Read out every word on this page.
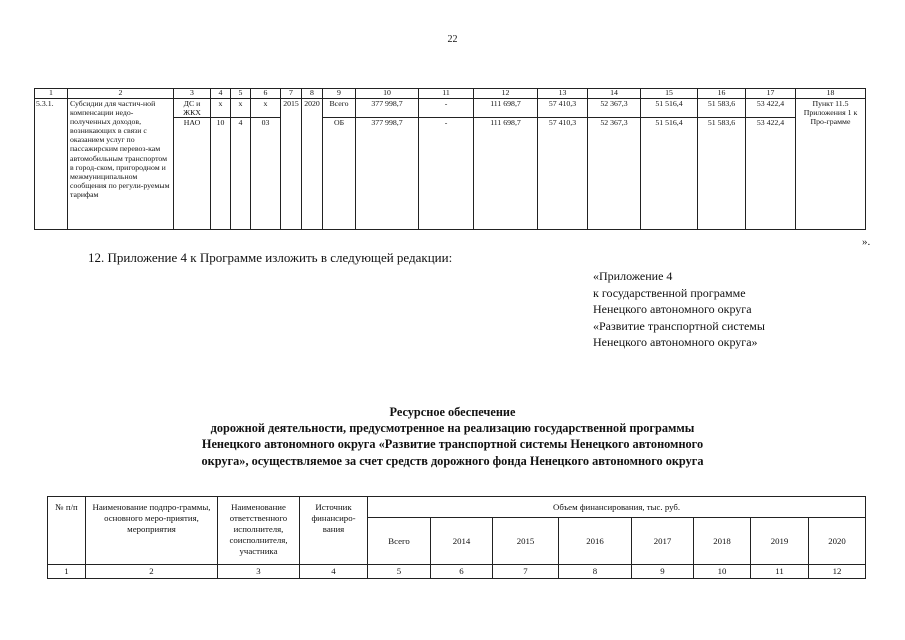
22
1	2	3	4	5	6	7	8	9	10	11	12	13	14	15	16	17	18
5.3.1.	Субсидии для частич-ной компенсации недо-полученных доходов, возникающих в связи с оказанием услуг по пассажирским перевоз-кам автомобильным транспортом в город-ском, пригородном и межмуниципальном сообщения по регули-руемым тарифам	ДС и ЖКХ	х	х	х	2015	2020	Всего	377 998,7	-	111 698,7	57 410,3	52 367,3	51 516,4	51 583,6	53 422,4	Пункт 11.5 Приложения 1 к Про-грамме
		НАО	10	4	03			ОБ	377 998,7	-	111 698,7	57 410,3	52 367,3	51 516,4	51 583,6	53 422,4	
».
12. Приложение 4 к Программе изложить в следующей редакции:
«Приложение 4
к государственной программе
Ненецкого автономного округа
«Развитие транспортной системы
Ненецкого автономного округа»
Ресурсное обеспечение
дорожной деятельности, предусмотренное на реализацию государственной программы
Ненецкого автономного округа «Развитие транспортной системы Ненецкого автономного
округа», осуществляемое за счет средств дорожного фонда Ненецкого автономного округа
№ п/п	Наименование подпро-граммы, основного меро-приятия, мероприятия	Наименование ответственного исполнителя, соисполнителя, участника	Источник финансиро-вания	Объем финансирования, тыс. руб.							
				Всего	2014	2015	2016	2017	2018	2019	2020
1	2	3	4	5	6	7	8	9	10	11	12
